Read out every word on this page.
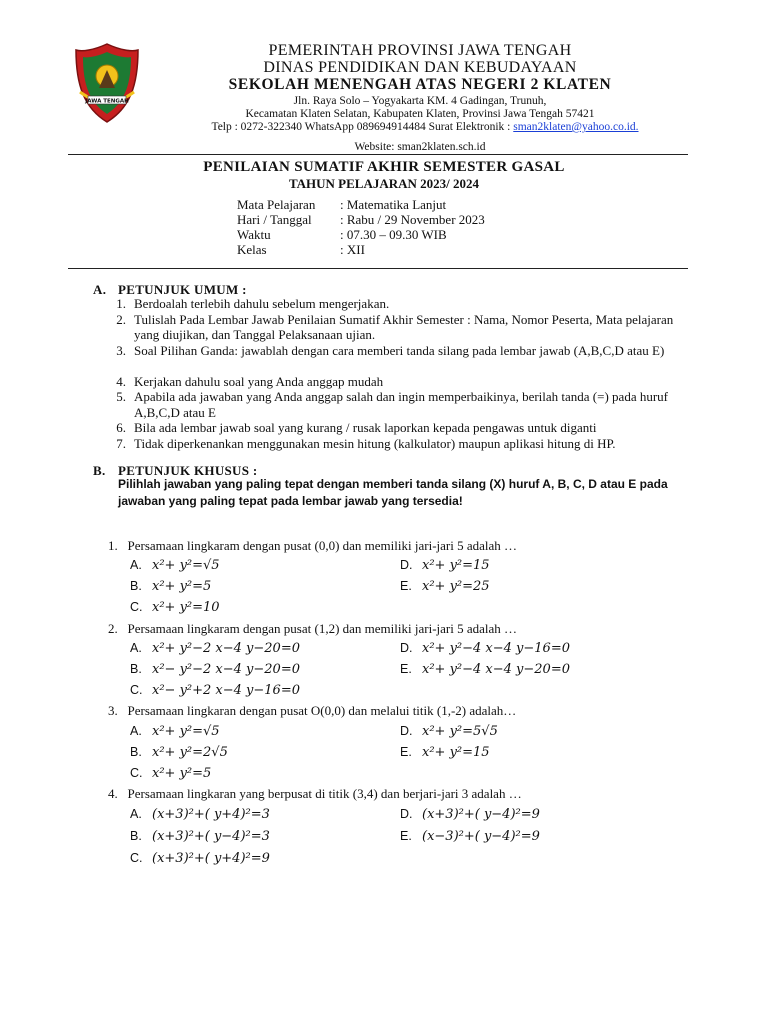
JAWA TENGAH
PEMERINTAH PROVINSI JAWA TENGAH
DINAS PENDIDIKAN DAN KEBUDAYAAN
SEKOLAH MENENGAH ATAS NEGERI 2 KLATEN
Jln. Raya Solo – Yogyakarta KM. 4 Gadingan, Trunuh,
Kecamatan Klaten Selatan, Kabupaten Klaten, Provinsi Jawa Tengah 57421
Telp : 0272-322340 WhatsApp 089694914484 Surat Elektronik : sman2klaten@yahoo.co.id.
Website: sman2klaten.sch.id
PENILAIAN SUMATIF AKHIR SEMESTER GASAL
TAHUN PELAJARAN 2023/ 2024
Mata Pelajaran	: Matematika Lanjut
Hari / Tanggal	: Rabu / 29 November 2023
Waktu	: 07.30 – 09.30 WIB
Kelas	: XII
A. PETUNJUK UMUM :
1. Berdoalah terlebih dahulu sebelum mengerjakan.
2. Tulislah Pada Lembar Jawab Penilaian Sumatif Akhir Semester : Nama, Nomor Peserta, Mata pelajaran yang diujikan, dan Tanggal Pelaksanaan ujian.
3. Soal Pilihan Ganda: jawablah dengan cara memberi tanda silang pada lembar jawab (A,B,C,D atau E)
4. Kerjakan dahulu soal yang Anda anggap mudah
5. Apabila ada jawaban yang Anda anggap salah dan ingin memperbaikinya, berilah tanda (=) pada huruf A,B,C,D atau E
6. Bila ada lembar jawab soal yang kurang / rusak laporkan kepada pengawas untuk diganti
7. Tidak diperkenankan menggunakan mesin hitung (kalkulator) maupun aplikasi hitung di HP.
B. PETUNJUK KHUSUS :
Pilihlah jawaban yang paling tepat dengan memberi tanda silang (X) huruf A, B, C, D atau E pada jawaban yang paling tepat pada lembar jawab yang tersedia!
1. Persamaan lingkaram dengan pusat (0,0) dan memiliki jari-jari 5 adalah …
A. x²+ y²=√5	D. x²+ y²=15
B. x²+ y²=5	E. x²+ y²=25
C. x²+ y²=10
2. Persamaan lingkaram dengan pusat (1,2) dan memiliki jari-jari 5 adalah …
A. x²+ y²−2 x−4 y−20=0	D. x²+ y²−4 x−4 y−16=0
B. x²− y²−2 x−4 y−20=0	E. x²+ y²−4 x−4 y−20=0
C. x²− y²+2 x−4 y−16=0
3. Persamaan lingkaran dengan pusat O(0,0) dan melalui titik (1,-2) adalah…
A. x²+ y²=√5	D. x²+ y²=5√5
B. x²+ y²=2√5	E. x²+ y²=15
C. x²+ y²=5
4. Persamaan lingkaran yang berpusat di titik (3,4) dan berjari-jari 3 adalah …
A. (x+3)²+( y+4)²=3	D. (x+3)²+( y−4)²=9
B. (x+3)²+( y−4)²=3	E. (x−3)²+( y−4)²=9
C. (x+3)²+( y+4)²=9
